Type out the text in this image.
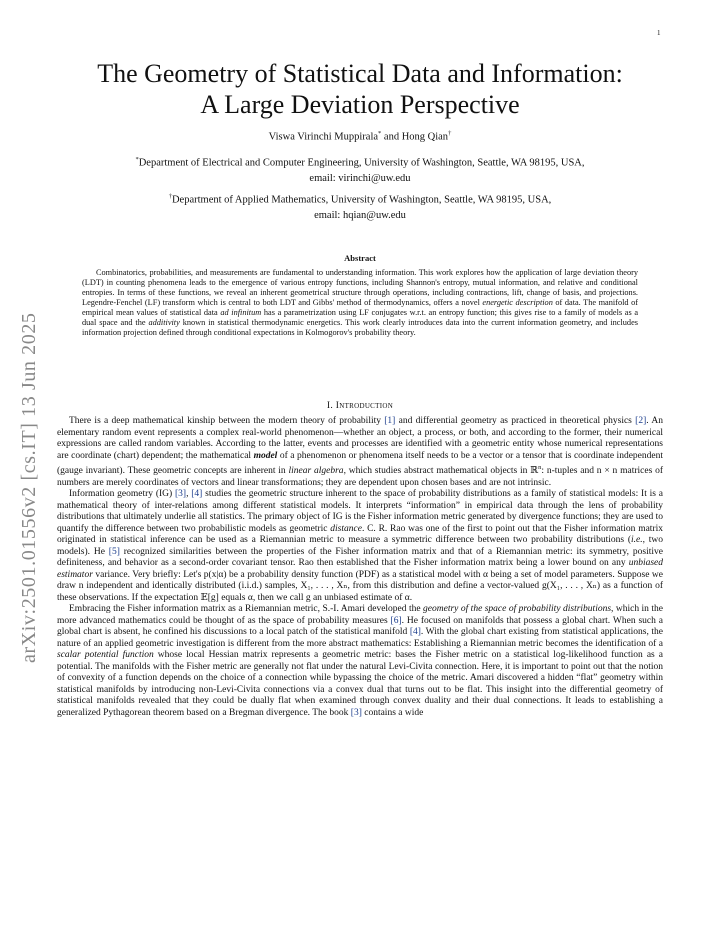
1
arXiv:2501.01556v2 [cs.IT] 13 Jun 2025
The Geometry of Statistical Data and Information:
A Large Deviation Perspective
Viswa Virinchi Muppirala* and Hong Qian†
*Department of Electrical and Computer Engineering, University of Washington, Seattle, WA 98195, USA,
email: virinchi@uw.edu
†Department of Applied Mathematics, University of Washington, Seattle, WA 98195, USA,
email: hqian@uw.edu
Abstract
Combinatorics, probabilities, and measurements are fundamental to understanding information. This work explores how the application of large deviation theory (LDT) in counting phenomena leads to the emergence of various entropy functions, including Shannon's entropy, mutual information, and relative and conditional entropies. In terms of these functions, we reveal an inherent geometrical structure through operations, including contractions, lift, change of basis, and projections. Legendre-Fenchel (LF) transform which is central to both LDT and Gibbs' method of thermodynamics, offers a novel energetic description of data. The manifold of empirical mean values of statistical data ad infinitum has a parametrization using LF conjugates w.r.t. an entropy function; this gives rise to a family of models as a dual space and the additivity known in statistical thermodynamic energetics. This work clearly introduces data into the current information geometry, and includes information projection defined through conditional expectations in Kolmogorov's probability theory.
I. Introduction

There is a deep mathematical kinship between the modern theory of probability [1] and differential geometry as practiced in theoretical physics [2]. An elementary random event represents a complex real-world phenomenon—whether an object, a process, or both, and according to the former, their numerical expressions are called random variables. According to the latter, events and processes are identified with a geometric entity whose numerical representations are coordinate (chart) dependent; the mathematical model of a phenomenon or phenomena itself needs to be a vector or a tensor that is coordinate independent (gauge invariant). These geometric concepts are inherent in linear algebra, which studies abstract mathematical objects in ℝ$^n$: n-tuples and n × n matrices of numbers are merely coordinates of vectors and linear transformations; they are dependent upon chosen bases and are not intrinsic.

Information geometry (IG) [3], [4] studies the geometric structure inherent to the space of probability distributions as a family of statistical models: It is a mathematical theory of inter-relations among different statistical models. It interprets “information” in empirical data through the lens of probability distributions that ultimately underlie all statistics. The primary object of IG is the Fisher information metric generated by divergence functions; they are used to quantify the difference between two probabilistic models as geometric distance. C. R. Rao was one of the first to point out that the Fisher information matrix originated in statistical inference can be used as a Riemannian metric to measure a symmetric difference between two probability distributions (i.e., two models). He [5] recognized similarities between the properties of the Fisher information matrix and that of a Riemannian metric: its symmetry, positive definiteness, and behavior as a second-order covariant tensor. Rao then established that the Fisher information matrix being a lower bound on any unbiased estimator variance. Very briefly: Let's p(x|α) be a probability density function (PDF) as a statistical model with α being a set of model parameters. Suppose we draw n independent and identically distributed (i.i.d.) samples, X₁, . . . , Xₙ, from this distribution and define a vector-valued g(X₁, . . . , Xₙ) as a function of these observations. If the expectation 𝔼[g] equals α, then we call g an unbiased estimate of α.

Embracing the Fisher information matrix as a Riemannian metric, S.-I. Amari developed the geometry of the space of probability distributions, which in the more advanced mathematics could be thought of as the space of probability measures [6]. He focused on manifolds that possess a global chart. When such a global chart is absent, he confined his discussions to a local patch of the statistical manifold [4]. With the global chart existing from statistical applications, the nature of an applied geometric investigation is different from the more abstract mathematics: Establishing a Riemannian metric becomes the identification of a scalar potential function whose local Hessian matrix represents a geometric metric: bases the Fisher metric on a statistical log-likelihood function as a potential. The manifolds with the Fisher metric are generally not flat under the natural Levi-Civita connection. Here, it is important to point out that the notion of convexity of a function depends on the choice of a connection while bypassing the choice of the metric. Amari discovered a hidden “flat” geometry within statistical manifolds by introducing non-Levi-Civita connections via a convex dual that turns out to be flat. This insight into the differential geometry of statistical manifolds revealed that they could be dually flat when examined through convex duality and their dual connections. It leads to establishing a generalized Pythagorean theorem based on a Bregman divergence. The book [3] contains a wide
